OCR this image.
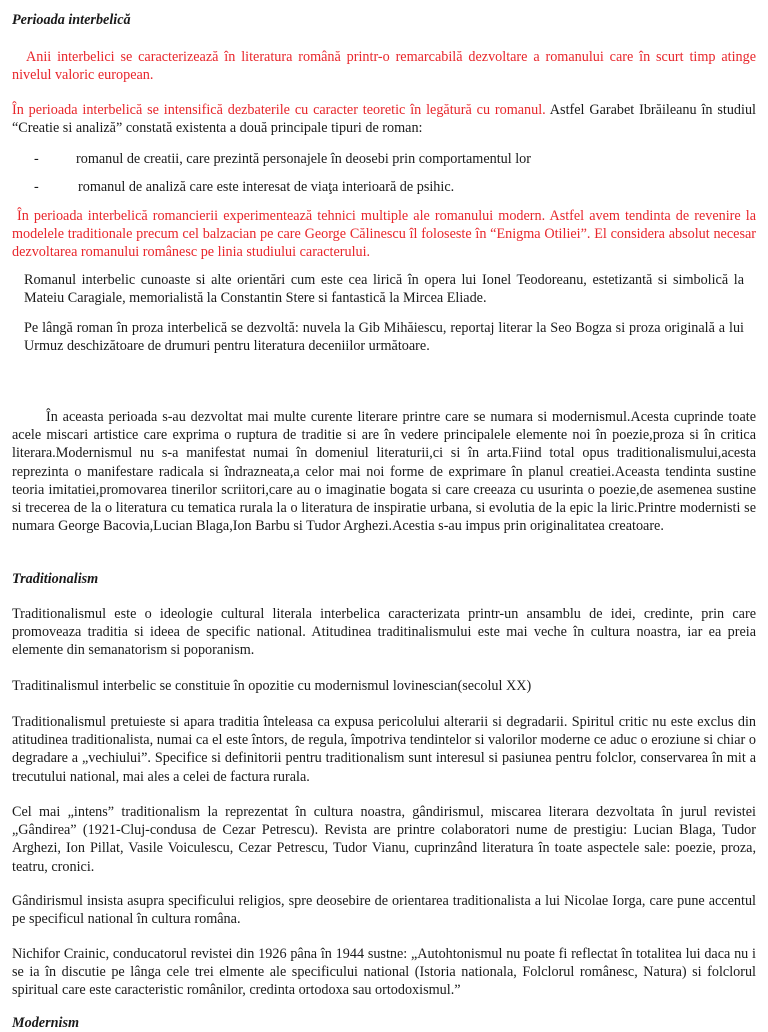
Perioada interbelică

Anii interbelici se caracterizează în literatura română printr-o remarcabilă dezvoltare a romanului care în scurt timp atinge nivelul valoric european.

În perioada interbelică se intensifică dezbaterile cu caracter teoretic în legătură cu romanul. Astfel Garabet Ibrăileanu în studiul “Creatie si analiză” constată existenta a două principale tipuri de roman:

-	romanul de creatii, care prezintă personajele în deosebi prin comportamentul lor
-	romanul de analiză care este interesat de viaţa interioară de psihic.

În perioada interbelică romancierii experimentează tehnici multiple ale romanului modern. Astfel avem tendinta de revenire la modelele traditionale precum cel balzacian pe care George Călinescu îl foloseste în “Enigma Otiliei”. El considera absolut necesar dezvoltarea romanului românesc pe linia studiului caracterului.

Romanul interbelic cunoaste si alte orientări cum este cea lirică în opera lui Ionel Teodoreanu, estetizantă si simbolică la Mateiu Caragiale, memorialistă la Constantin Stere si fantastică la Mircea Eliade.

Pe lângă roman în proza interbelică se dezvoltă: nuvela la Gib Mihăiescu, reportaj literar la Seo Bogza si proza originală a lui Urmuz deschizătoare de drumuri pentru literatura deceniilor următoare.

În aceasta perioada s-au dezvoltat mai multe curente literare printre care se numara si modernismul.Acesta cuprinde toate acele miscari artistice care exprima o ruptura de traditie si are în vedere principalele elemente noi în poezie,proza si în critica literara.Modernismul nu s-a manifestat numai în domeniul literaturii,ci si în arta.Fiind total opus traditionalismului,acesta reprezinta o manifestare radicala si îndrazneata,a celor mai noi forme de exprimare în planul creatiei.Aceasta tendinta sustine teoria imitatiei,promovarea tinerilor scriitori,care au o imaginatie bogata si care creeaza cu usurinta o poezie,de asemenea sustine si trecerea de la o literatura cu tematica rurala la o literatura de inspiratie urbana, si evolutia de la epic la liric.Printre modernisti se numara George Bacovia,Lucian Blaga,Ion Barbu si Tudor Arghezi.Acestia s-au impus prin originalitatea creatoare.

Traditionalism

Traditionalismul este o ideologie cultural literala interbelica caracterizata printr-un ansamblu de idei, credinte, prin care promoveaza traditia si ideea de specific national. Atitudinea traditinalismului este mai veche în cultura noastra, iar ea preia elemente din semanatorism si poporanism.

Traditinalismul interbelic se constituie în opozitie cu modernismul lovinescian(secolul XX)

Traditionalismul pretuieste si apara traditia înteleasa ca expusa pericolului alterarii si degradarii. Spiritul critic nu este exclus din atitudinea traditionalista, numai ca el este întors, de regula, împotriva tendintelor si valorilor moderne ce aduc o eroziune si chiar o degradare a „vechiului”. Specifice si definitorii pentru traditionalism sunt interesul si pasiunea pentru folclor, conservarea în mit a trecutului national, mai ales a celei de factura rurala.

Cel mai „intens” traditionalism la reprezentat în cultura noastra, gândirismul, miscarea literara dezvoltata în jurul revistei „Gândirea” (1921-Cluj-condusa de Cezar Petrescu). Revista are printre colaboratori nume de prestigiu: Lucian Blaga, Tudor Arghezi, Ion Pillat, Vasile Voiculescu, Cezar Petrescu, Tudor Vianu, cuprinzând literatura în toate aspectele sale: poezie, proza, teatru, cronici.

Gândirismul insista asupra specificului religios, spre deosebire de orientarea traditionalista a lui Nicolae Iorga, care pune accentul pe specificul national în cultura româna.

Nichifor Crainic, conducatorul revistei din 1926 pâna în 1944 sustne: „Autohtonismul nu poate fi reflectat în totalitea lui daca nu i se ia în discutie pe lânga cele trei elmente ale specificului national (Istoria nationala, Folclorul românesc, Natura) si folclorul spiritual care este caracteristic românilor, credinta ortodoxa sau ortodoxismul.”

Modernism
